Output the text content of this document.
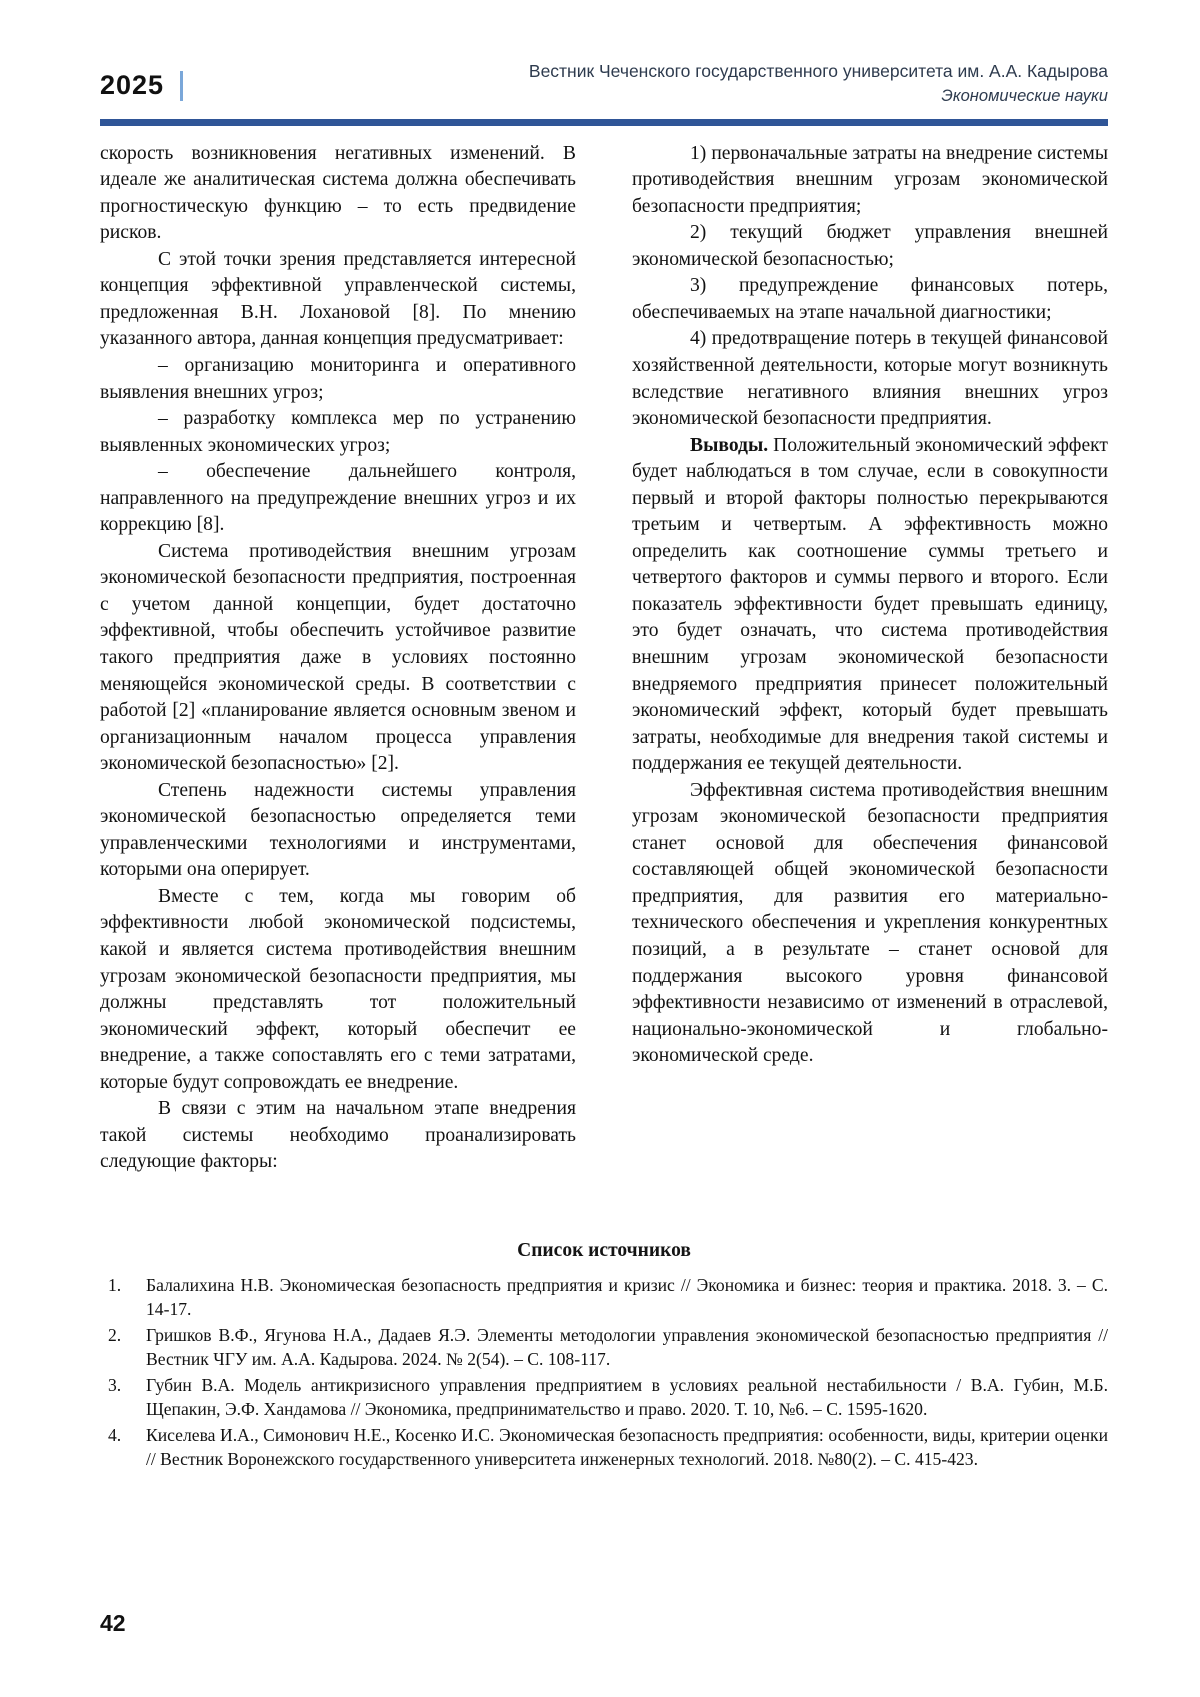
2025	Вестник Чеченского государственного университета им. А.А. Кадырова
Экономические науки

скорость возникновения негативных изменений. В идеале же аналитическая система должна обеспечивать прогностическую функцию – то есть предвидение рисков.

С этой точки зрения представляется интересной концепция эффективной управленческой системы, предложенная В.Н. Лохановой [8]. По мнению указанного автора, данная концепция предусматривает:

– организацию мониторинга и оперативного выявления внешних угроз;

– разработку комплекса мер по устранению выявленных экономических угроз;

– обеспечение дальнейшего контроля, направленного на предупреждение внешних угроз и их коррекцию [8].

Система противодействия внешним угрозам экономической безопасности предприятия, построенная с учетом данной концепции, будет достаточно эффективной, чтобы обеспечить устойчивое развитие такого предприятия даже в условиях постоянно меняющейся экономической среды. В соответствии с работой [2] «планирование является основным звеном и организационным началом процесса управления экономической безопасностью» [2].

Степень надежности системы управления экономической безопасностью определяется теми управленческими технологиями и инструментами, которыми она оперирует.

Вместе с тем, когда мы говорим об эффективности любой экономической подсистемы, какой и является система противодействия внешним угрозам экономической безопасности предприятия, мы должны представлять тот положительный экономический эффект, который обеспечит ее внедрение, а также сопоставлять его с теми затратами, которые будут сопровождать ее внедрение.

В связи с этим на начальном этапе внедрения такой системы необходимо проанализировать следующие факторы:

1) первоначальные затраты на внедрение системы противодействия внешним угрозам экономической безопасности предприятия;

2) текущий бюджет управления внешней экономической безопасностью;

3) предупреждение финансовых потерь, обеспечиваемых на этапе начальной диагностики;

4) предотвращение потерь в текущей финансовой хозяйственной деятельности, которые могут возникнуть вследствие негативного влияния внешних угроз экономической безопасности предприятия.

Выводы. Положительный экономический эффект будет наблюдаться в том случае, если в совокупности первый и второй факторы полностью перекрываются третьим и четвертым. А эффективность можно определить как соотношение суммы третьего и четвертого факторов и суммы первого и второго. Если показатель эффективности будет превышать единицу, это будет означать, что система противодействия внешним угрозам экономической безопасности внедряемого предприятия принесет положительный экономический эффект, который будет превышать затраты, необходимые для внедрения такой системы и поддержания ее текущей деятельности.

Эффективная система противодействия внешним угрозам экономической безопасности предприятия станет основой для обеспечения финансовой составляющей общей экономической безопасности предприятия, для развития его материально-технического обеспечения и укрепления конкурентных позиций, а в результате – станет основой для поддержания высокого уровня финансовой эффективности независимо от изменений в отраслевой, национально-экономической и глобально-экономической среде.

Список источников
1. Балалихина Н.В. Экономическая безопасность предприятия и кризис // Экономика и бизнес: теория и практика. 2018. 3. – С. 14-17.
2. Гришков В.Ф., Ягунова Н.А., Дадаев Я.Э. Элементы методологии управления экономической безопасностью предприятия // Вестник ЧГУ им. А.А. Кадырова. 2024. № 2(54). – С. 108-117.
3. Губин В.А. Модель антикризисного управления предприятием в условиях реальной нестабильности / В.А. Губин, М.Б. Щепакин, Э.Ф. Хандамова // Экономика, предпринимательство и право. 2020. Т. 10, №6. – С. 1595-1620.
4. Киселева И.А., Симонович Н.Е., Косенко И.С. Экономическая безопасность предприятия: особенности, виды, критерии оценки // Вестник Воронежского государственного университета инженерных технологий. 2018. №80(2). – С. 415-423.
42
